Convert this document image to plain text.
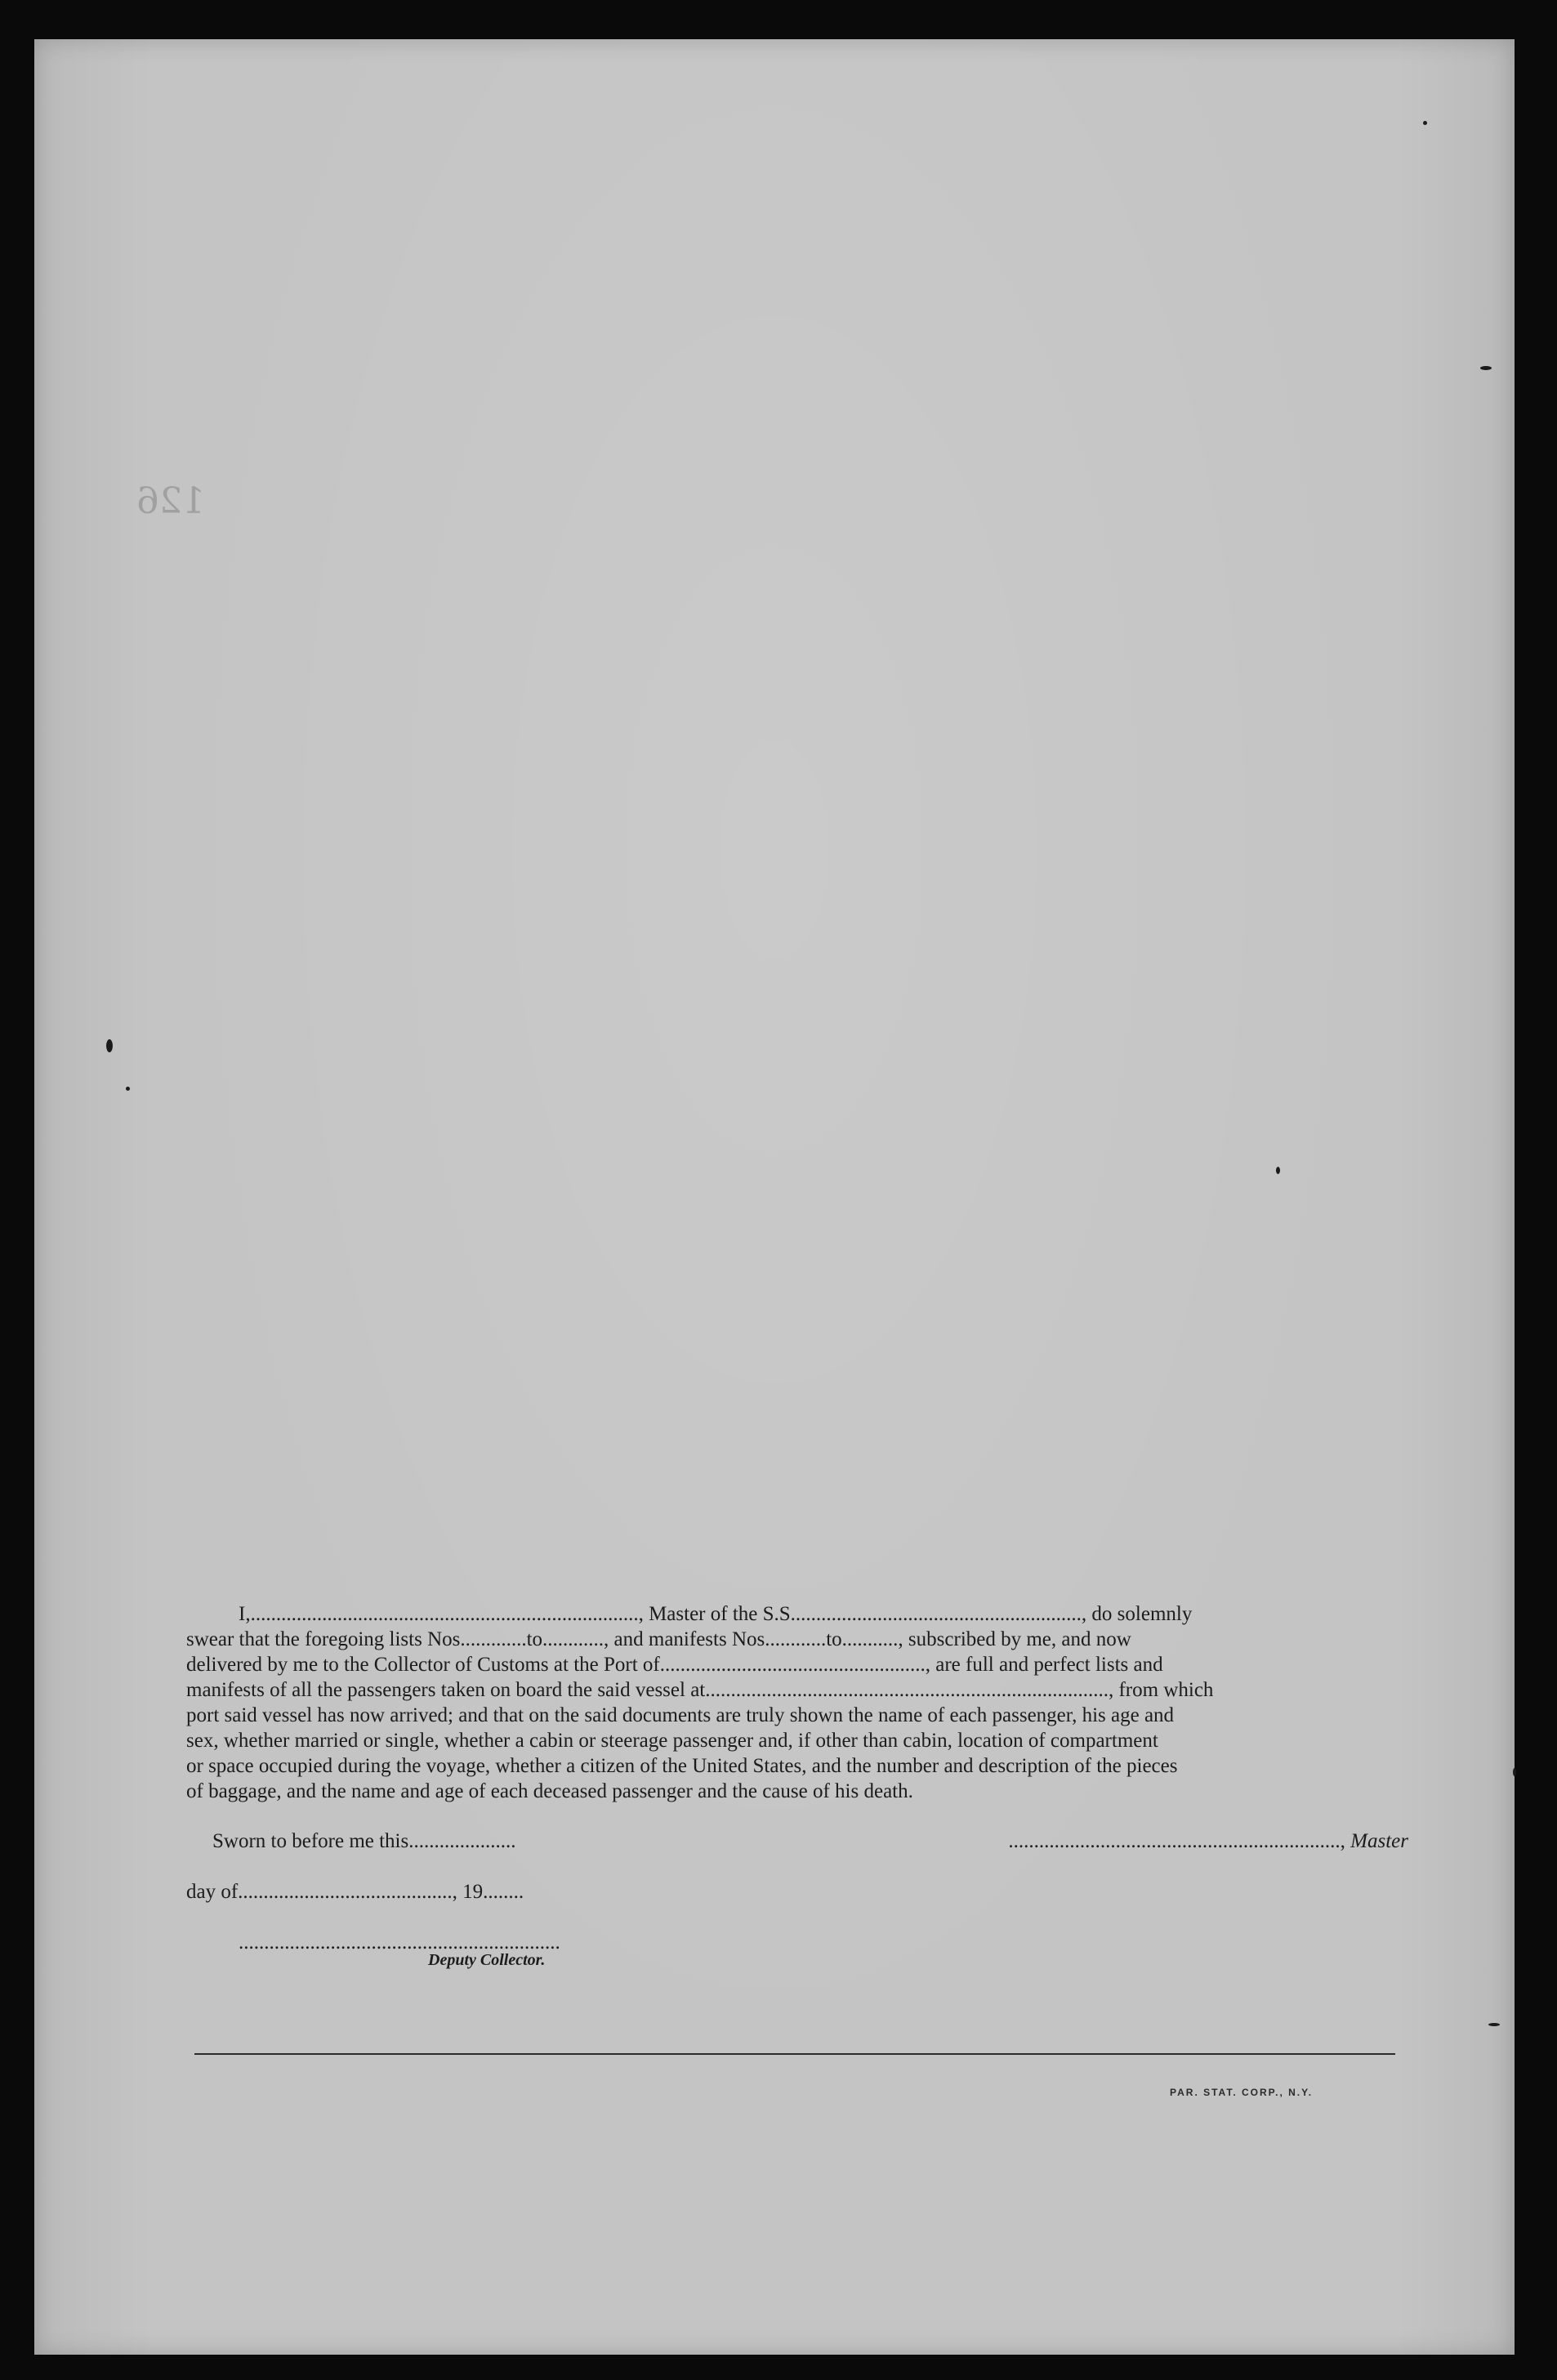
126

I,............................................................................, Master of the S.S........................................................., do solemnly

swear that the foregoing lists Nos.............to............, and manifests Nos............to..........., subscribed by me, and now
delivered by me to the Collector of Customs at the Port of...................................................., are full and perfect lists and
manifests of all the passengers taken on board the said vessel at..............................................................................., from which
port said vessel has now arrived; and that on the said documents are truly shown the name of each passenger, his age and
sex, whether married or single, whether a cabin or steerage passenger and, if other than cabin, location of compartment
or space occupied during the voyage, whether a citizen of the United States, and the number and description of the pieces
of baggage, and the name and age of each deceased passenger and the cause of his death.
Sworn to before me this.....................	................................................................., Master
day of.........................................., 19........
...............................................................
Deputy Collector.
PAR. STAT. CORP., N.Y.
